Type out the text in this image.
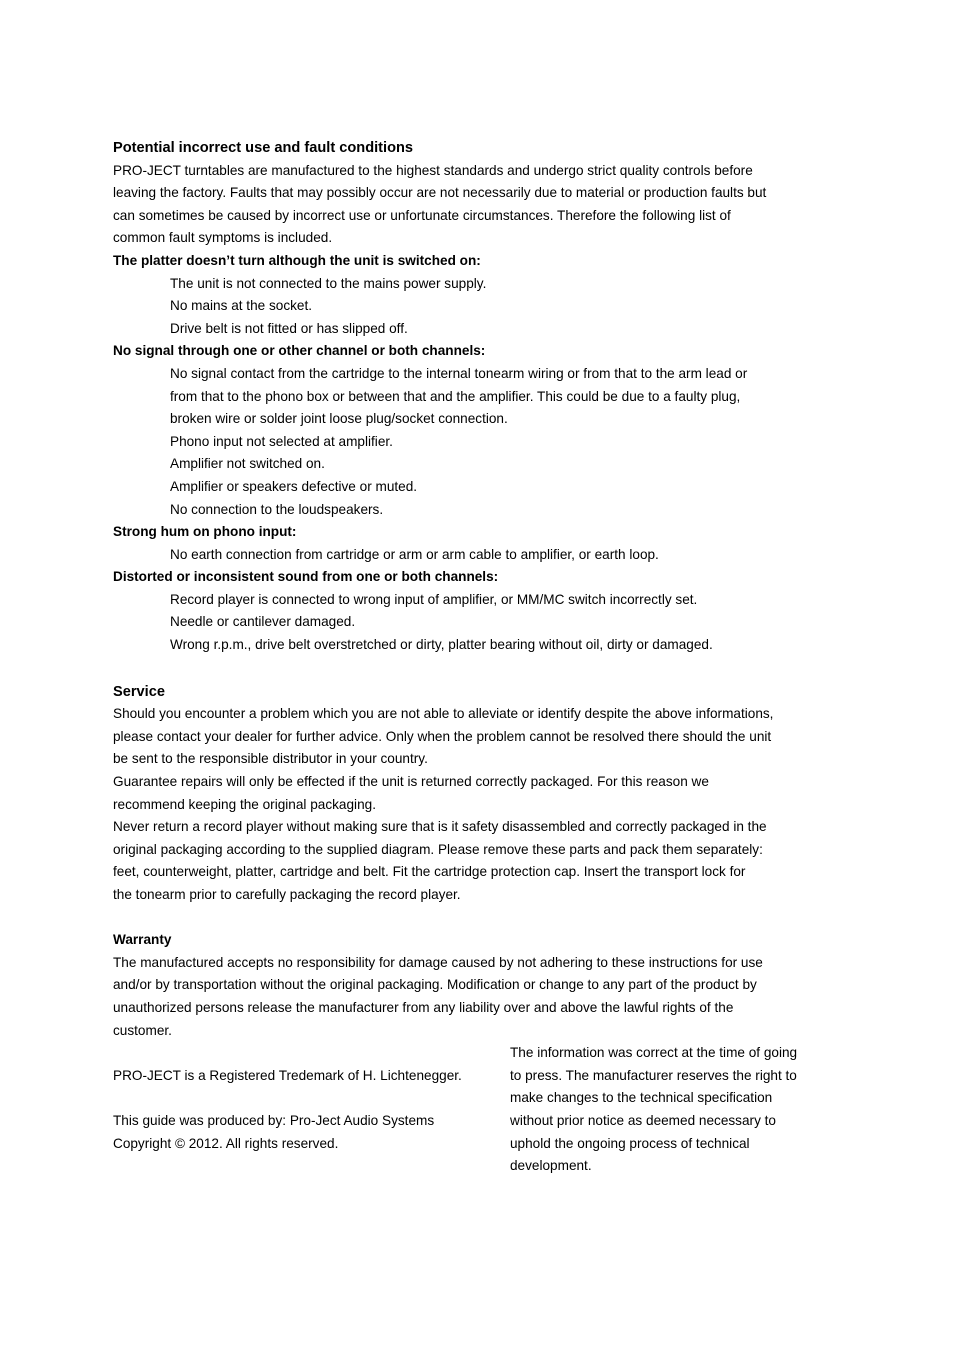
Potential incorrect use and fault conditions
PRO-JECT turntables are manufactured to the highest standards and undergo strict quality controls before
leaving the factory. Faults that may possibly occur are not necessarily due to material or production faults but
can sometimes be caused by incorrect use or unfortunate circumstances. Therefore the following list of
common fault symptoms is included.
The platter doesn’t turn although the unit is switched on:
The unit is not connected to the mains power supply.
No mains at the socket.
Drive belt is not fitted or has slipped off.
No signal through one or other channel or both channels:
No signal contact from the cartridge to the internal tonearm wiring or from that to the arm lead or
from that to the phono box or between that and the amplifier. This could be due to a faulty plug,
broken wire or solder joint loose plug/socket connection.
Phono input not selected at amplifier.
Amplifier not switched on.
Amplifier or speakers defective or muted.
No connection to the loudspeakers.
Strong hum on phono input:
No earth connection from cartridge or arm or arm cable to amplifier, or earth loop.
Distorted or inconsistent sound from one or both channels:
Record player is connected to wrong input of amplifier, or MM/MC switch incorrectly set.
Needle or cantilever damaged.
Wrong r.p.m., drive belt overstretched or dirty, platter bearing without oil, dirty or damaged.
Service
Should you encounter a problem which you are not able to alleviate or identify despite the above informations,
please contact your dealer for further advice. Only when the problem cannot be resolved there should the unit
be sent to the responsible distributor in your country.
Guarantee repairs will only be effected if the unit is returned correctly packaged. For this reason we
recommend keeping the original packaging.
Never return a record player without making sure that is it safety disassembled and correctly packaged in the
original packaging according to the supplied diagram. Please remove these parts and pack them separately:
feet, counterweight, platter, cartridge and belt. Fit the cartridge protection cap. Insert the transport lock for
the tonearm prior to carefully packaging the record player.
Warranty
The manufactured accepts no responsibility for damage caused by not adhering to these instructions for use
and/or by transportation without the original packaging. Modification or change to any part of the product by
unauthorized persons release the manufacturer from any liability over and above the lawful rights of the
customer.
PRO-JECT is a Registered Tredemark of H. Lichtenegger.
This guide was produced by: Pro-Ject Audio Systems
Copyright © 2012. All rights reserved.
The information was correct at the time of going
to press. The manufacturer reserves the right to
make changes to the technical specification
without prior notice as deemed necessary to
uphold the ongoing process of technical
development.
